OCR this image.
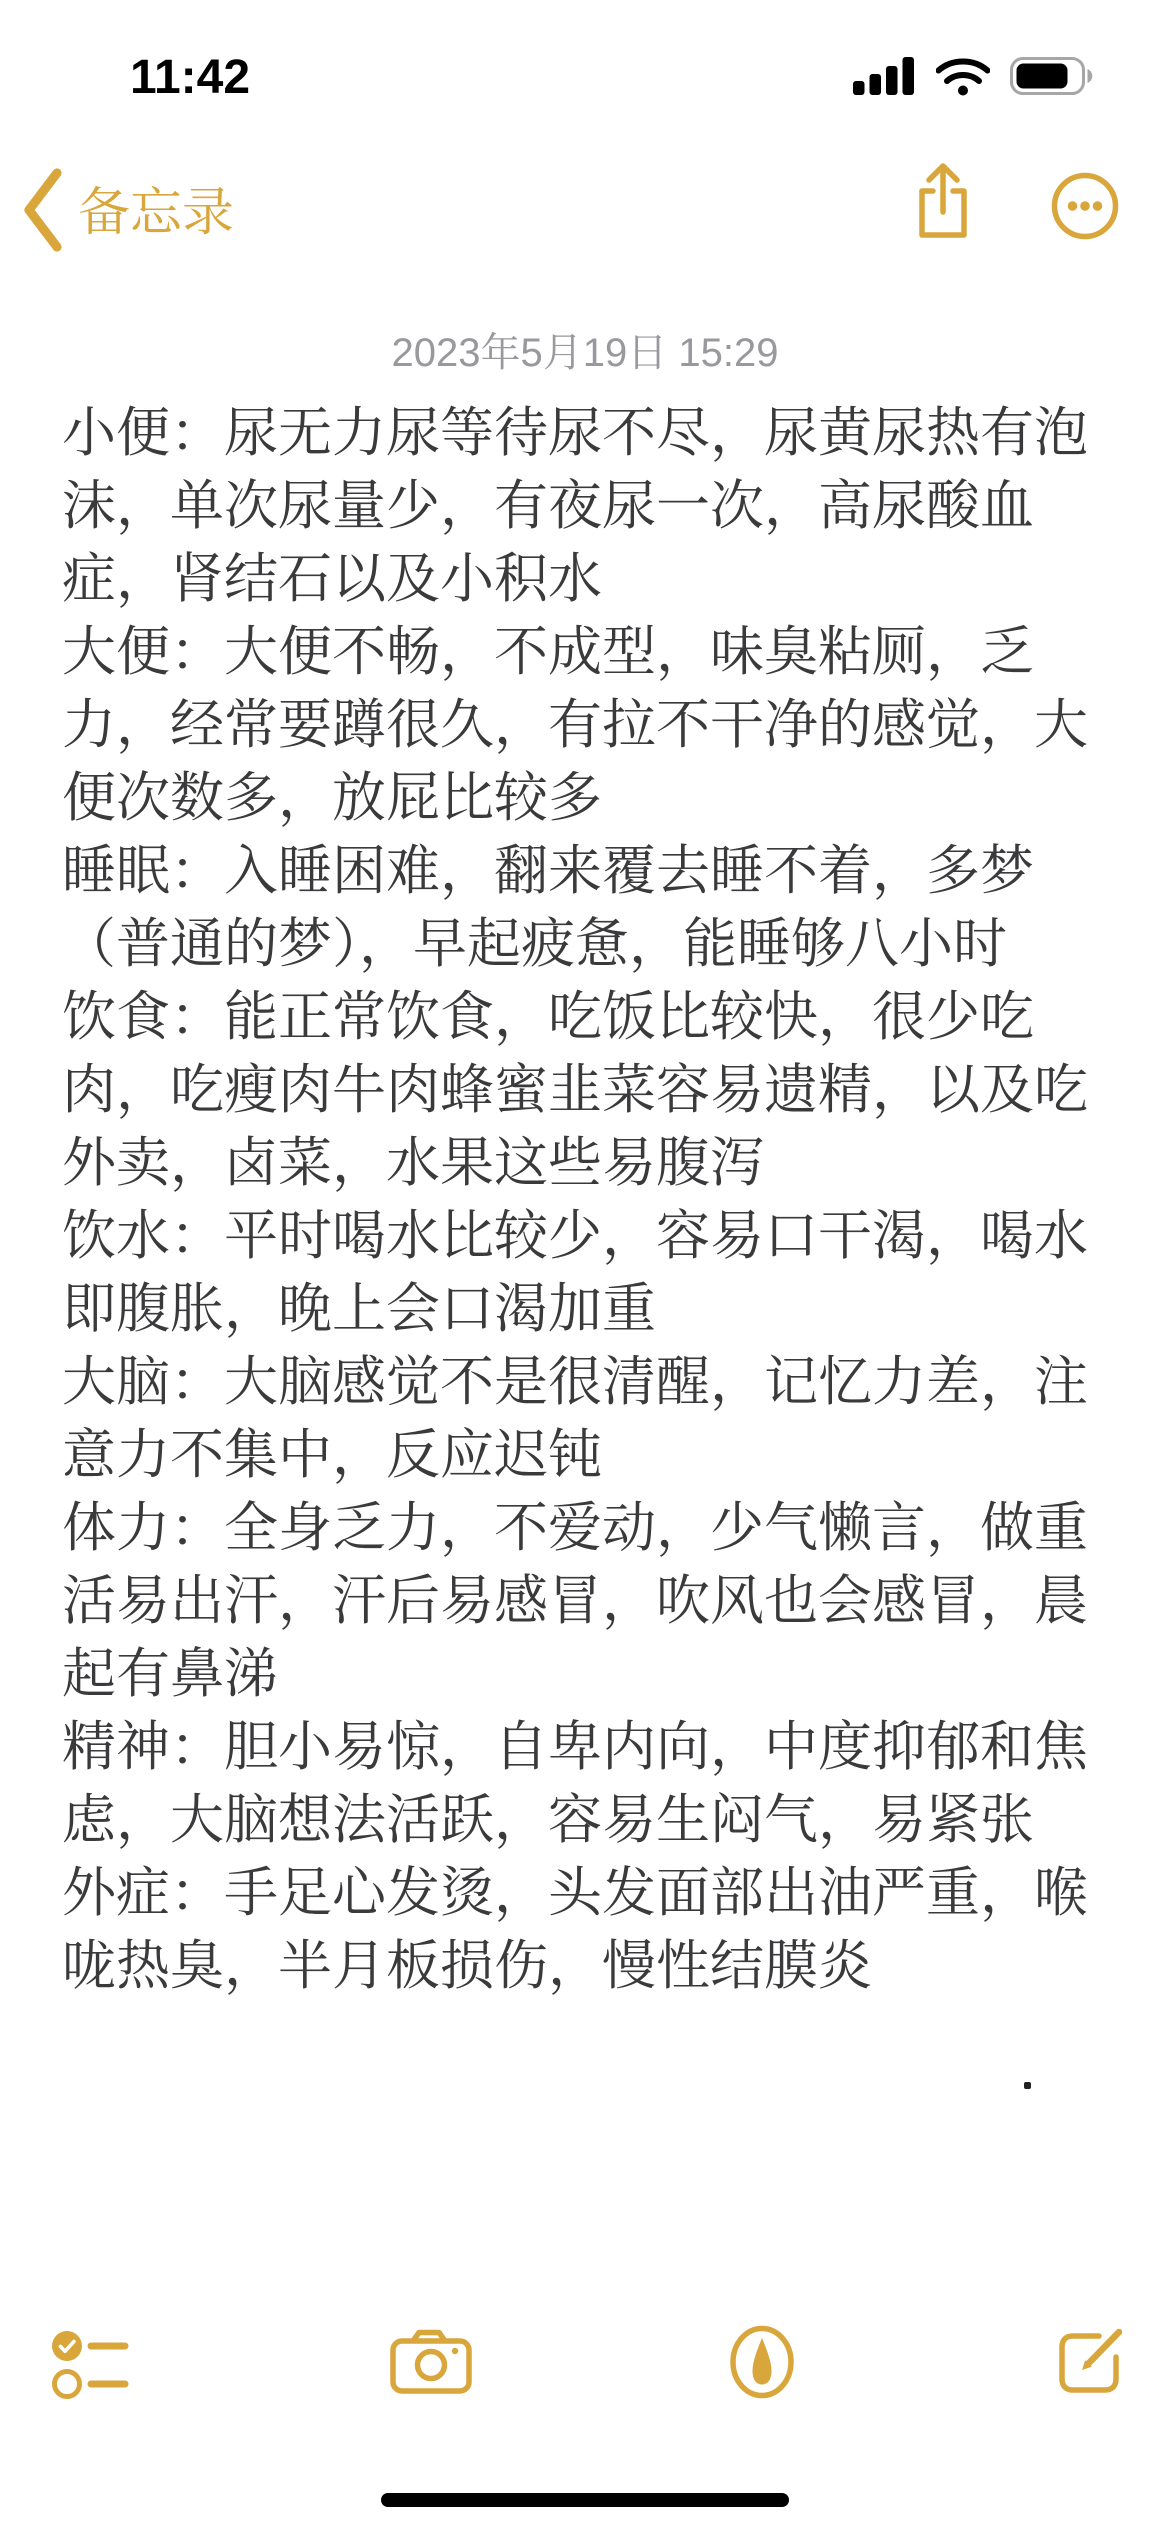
11:42
备忘录
2023年5月19日 15:29

小便：尿无力尿等待尿不尽，尿黄尿热有泡沫，单次尿量少，有夜尿一次，高尿酸血症，肾结石以及小积水

大便：大便不畅，不成型，味臭粘厕，乏力，经常要蹲很久，有拉不干净的感觉，大便次数多，放屁比较多

睡眠：入睡困难，翻来覆去睡不着，多梦（普通的梦），早起疲惫，能睡够八小时

饮食：能正常饮食，吃饭比较快，很少吃肉，吃瘦肉牛肉蜂蜜韭菜容易遗精，以及吃外卖，卤菜，水果这些易腹泻

饮水：平时喝水比较少，容易口干渴，喝水即腹胀，晚上会口渴加重

大脑：大脑感觉不是很清醒，记忆力差，注意力不集中，反应迟钝

体力：全身乏力，不爱动，少气懒言，做重活易出汗，汗后易感冒，吹风也会感冒，晨起有鼻涕

精神：胆小易惊，自卑内向，中度抑郁和焦虑，大脑想法活跃，容易生闷气，易紧张

外症：手足心发烫，头发面部出油严重，喉咙热臭，半月板损伤，慢性结膜炎
